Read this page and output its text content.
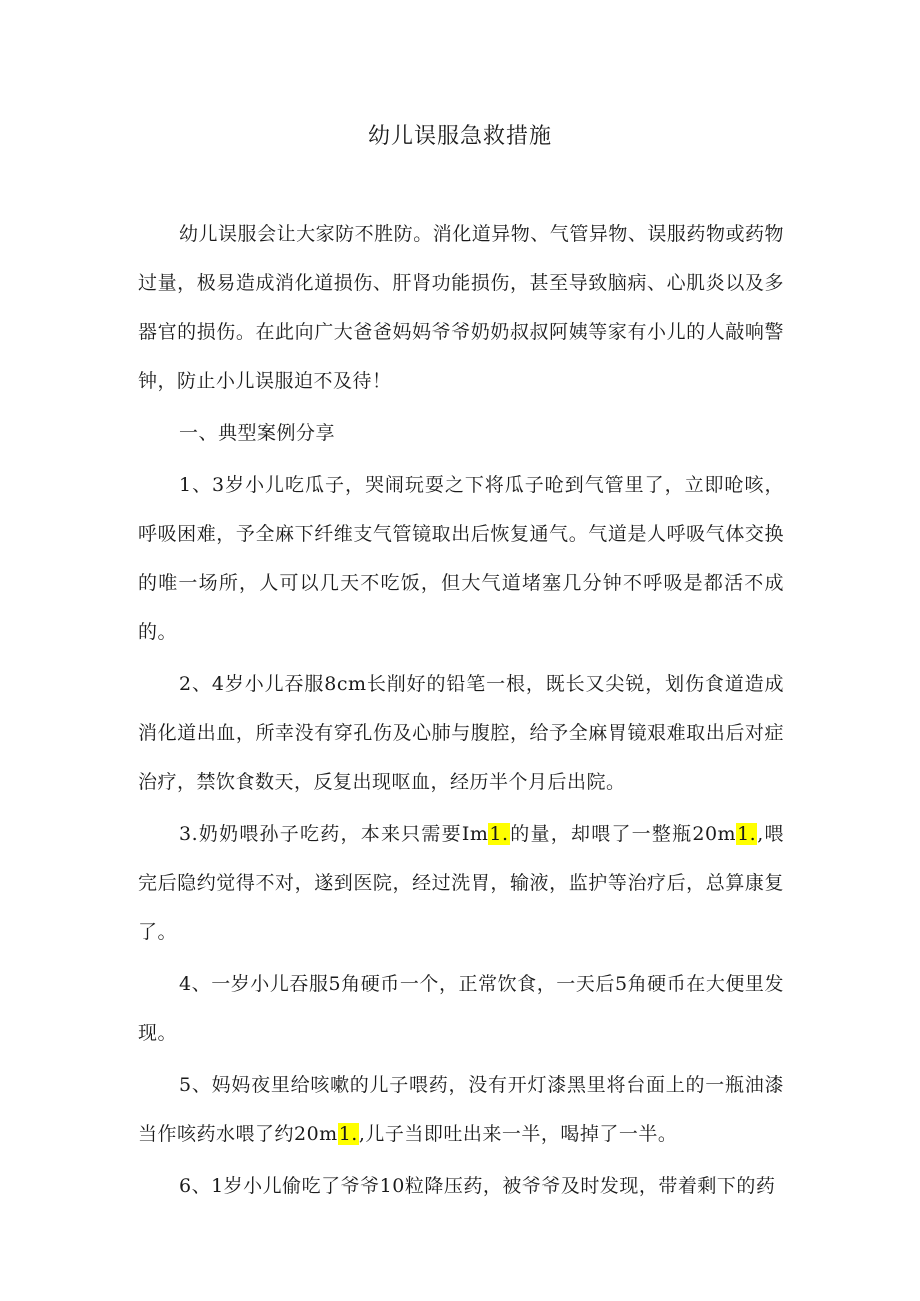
幼儿误服急救措施

幼儿误服会让大家防不胜防。消化道异物、气管异物、误服药物或药物过量，极易造成消化道损伤、肝肾功能损伤，甚至导致脑病、心肌炎以及多器官的损伤。在此向广大爸爸妈妈爷爷奶奶叔叔阿姨等家有小儿的人敲响警钟，防止小儿误服迫不及待！

一、典型案例分享

1、3岁小儿吃瓜子，哭闹玩耍之下将瓜子呛到气管里了，立即呛咳，呼吸困难，予全麻下纤维支气管镜取出后恢复通气。气道是人呼吸气体交换的唯一场所，人可以几天不吃饭，但大气道堵塞几分钟不呼吸是都活不成的。

2、4岁小儿吞服8cm长削好的铅笔一根，既长又尖锐，划伤食道造成消化道出血，所幸没有穿孔伤及心肺与腹腔，给予全麻胃镜艰难取出后对症治疗，禁饮食数天，反复出现呕血，经历半个月后出院。

3.奶奶喂孙子吃药，本来只需要Im1.的量，却喂了一整瓶20m1.,喂完后隐约觉得不对，遂到医院，经过洗胃，输液，监护等治疗后，总算康复了。

4、一岁小儿吞服5角硬币一个，正常饮食，一天后5角硬币在大便里发现。

5、妈妈夜里给咳嗽的儿子喂药，没有开灯漆黑里将台面上的一瓶油漆当作咳药水喂了约20m1.,儿子当即吐出来一半，喝掉了一半。

6、1岁小儿偷吃了爷爷10粒降压药，被爷爷及时发现，带着剩下的药
